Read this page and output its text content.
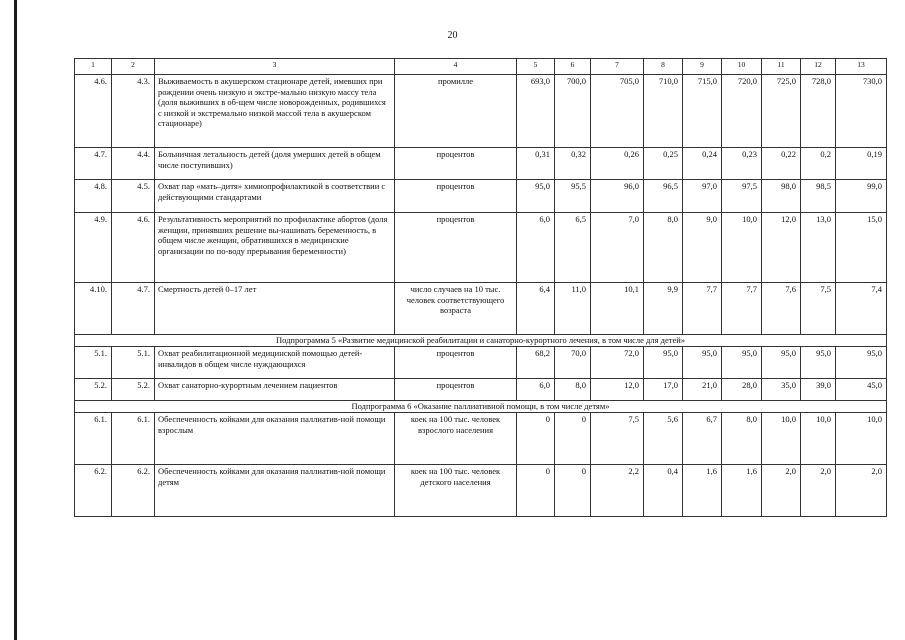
20
1	2	3	4	5	6	7	8	9	10	11	12	13
4.6.	4.3.	Выживаемость в акушерском стационаре детей, имевших при рождении очень низкую и экстре-мально низкую массу тела (доля выживших в об-щем числе новорожденных, родившихся с низкой и экстремально низкой массой тела в акушерском стационаре)	промилле	693,0	700,0	705,0	710,0	715,0	720,0	725,0	728,0	730,0
4.7.	4.4.	Больничная летальность детей (доля умерших детей в общем числе поступивших)	процентов	0,31	0,32	0,26	0,25	0,24	0,23	0,22	0,2	0,19
4.8.	4.5.	Охват пар «мать–дитя» химиопрофилактикой в соответствии с действующими стандартами	процентов	95,0	95,5	96,0	96,5	97,0	97,5	98,0	98,5	99,0
4.9.	4.6.	Результативность мероприятий по профилактике абортов (доля женщин, принявших решение вы-нашивать беременность, в общем числе женщин, обратившихся в медицинские организации по по-воду прерывания беременности)	процентов	6,0	6,5	7,0	8,0	9,0	10,0	12,0	13,0	15,0
4.10.	4.7.	Смертность детей 0–17 лет	число случаев на 10 тыс. человек соответствующего возраста	6,4	11,0	10,1	9,9	7,7	7,7	7,6	7,5	7,4
Подпрограмма 5 «Развитие медицинской реабилитации и санаторно-курортного лечения, в том числе для детей»												
5.1.	5.1.	Охват реабилитационной медицинской помощью детей-инвалидов в общем числе нуждающихся	процентов	68,2	70,0	72,0	95,0	95,0	95,0	95,0	95,0	95,0
5.2.	5.2.	Охват санаторно-курортным лечением пациентов	процентов	6,0	8,0	12,0	17,0	21,0	28,0	35,0	39,0	45,0
Подпрограмма 6 «Оказание паллиативной помощи, в том числе детям»												
6.1.	6.1.	Обеспеченность койками для оказания паллиатив-ной помощи взрослым	коек на 100 тыс. человек взрослого населения	0	0	7,5	5,6	6,7	8,0	10,0	10,0	10,0
6.2.	6.2.	Обеспеченность койками для оказания паллиатив-ной помощи детям	коек на 100 тыс. человек детского населения	0	0	2,2	0,4	1,6	1,6	2,0	2,0	2,0
